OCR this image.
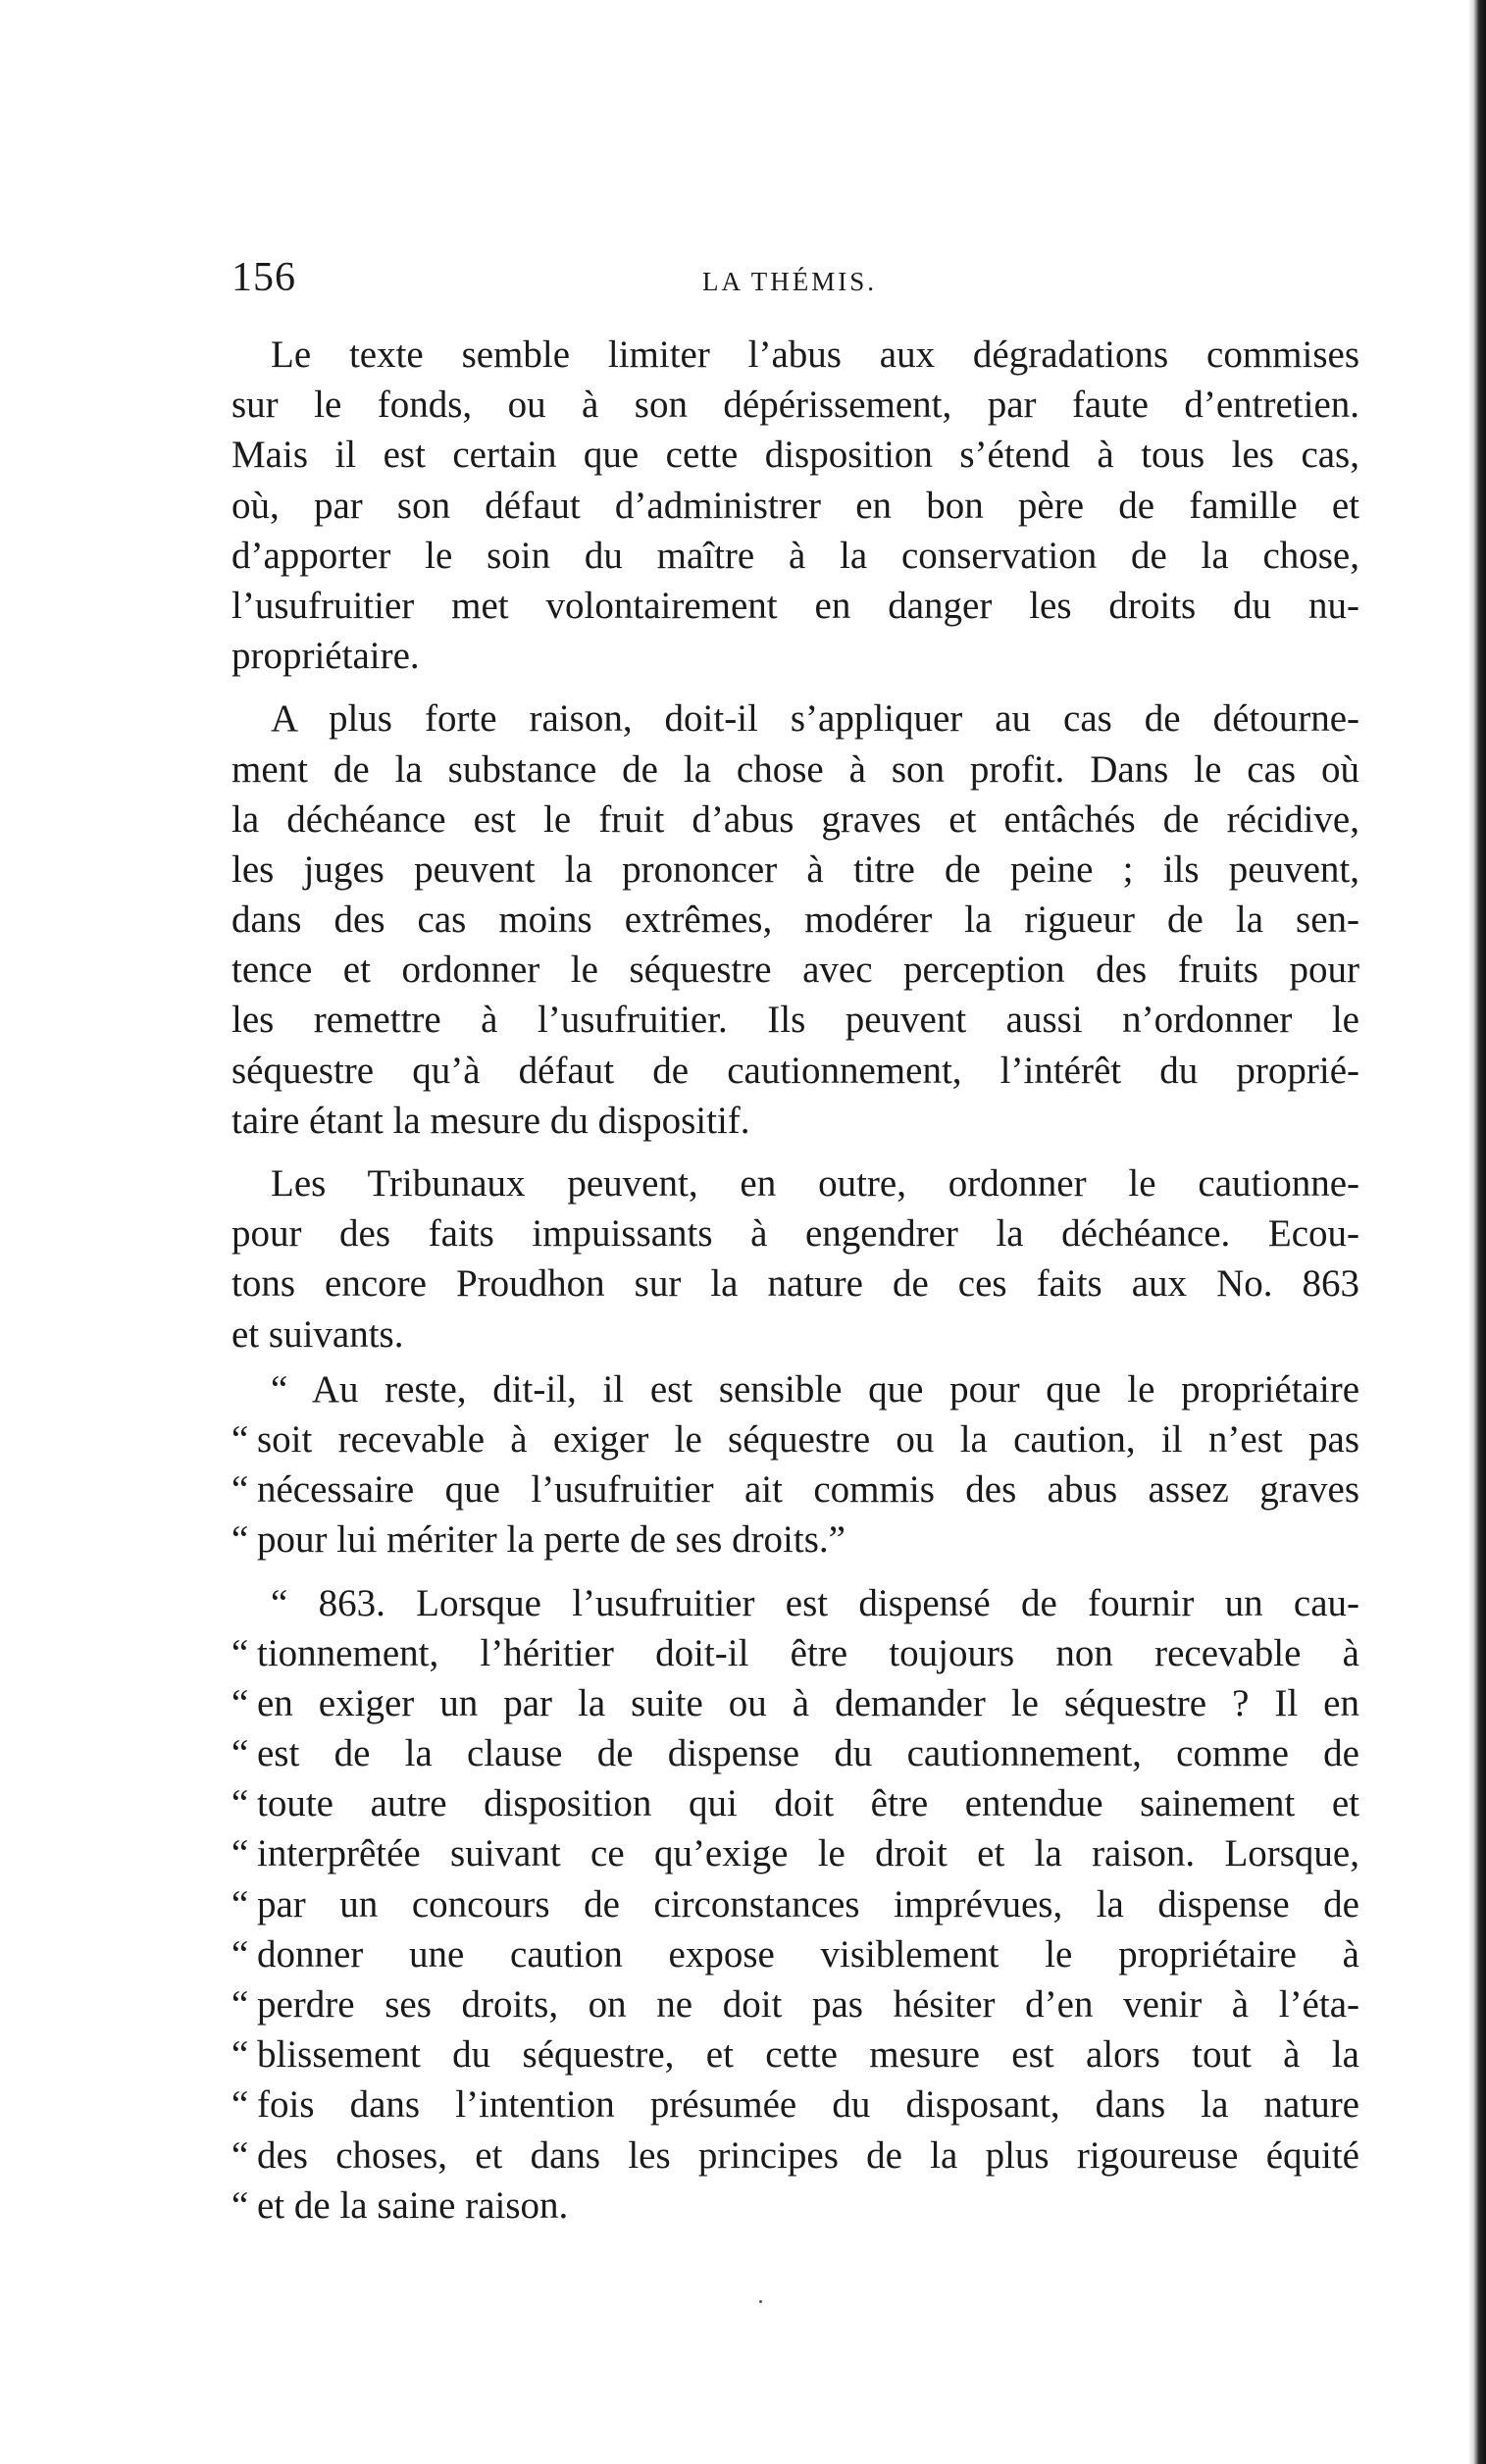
156	LA THÉMIS.
Le texte semble limiter l’abus aux dégradations commises
sur le fonds, ou à son dépérissement, par faute d’entretien.
Mais il est certain que cette disposition s’étend à tous les cas,
où, par son défaut d’administrer en bon père de famille et
d’apporter le soin du maître à la conservation de la chose,
l’usufruitier met volontairement en danger les droits du nu-
propriétaire.
A plus forte raison, doit-il s’appliquer au cas de détourne-
ment de la substance de la chose à son profit. Dans le cas où
la déchéance est le fruit d’abus graves et entâchés de récidive,
les juges peuvent la prononcer à titre de peine ; ils peuvent,
dans des cas moins extrêmes, modérer la rigueur de la sen-
tence et ordonner le séquestre avec perception des fruits pour
les remettre à l’usufruitier. Ils peuvent aussi n’ordonner le
séquestre qu’à défaut de cautionnement, l’intérêt du proprié-
taire étant la mesure du dispositif.
Les Tribunaux peuvent, en outre, ordonner le cautionne-
pour des faits impuissants à engendrer la déchéance. Ecou-
tons encore Proudhon sur la nature de ces faits aux No. 863
et suivants.
“ Au reste, dit-il, il est sensible que pour que le propriétaire
“ soit recevable à exiger le séquestre ou la caution, il n’est pas
“ nécessaire que l’usufruitier ait commis des abus assez graves
“ pour lui mériter la perte de ses droits.”
“ 863. Lorsque l’usufruitier est dispensé de fournir un cau-
“ tionnement, l’héritier doit-il être toujours non recevable à
“ en exiger un par la suite ou à demander le séquestre ? Il en
“ est de la clause de dispense du cautionnement, comme de
“ toute autre disposition qui doit être entendue sainement et
“ interprêtée suivant ce qu’exige le droit et la raison. Lorsque,
“ par un concours de circonstances imprévues, la dispense de
“ donner une caution expose visiblement le propriétaire à
“ perdre ses droits, on ne doit pas hésiter d’en venir à l’éta-
“ blissement du séquestre, et cette mesure est alors tout à la
“ fois dans l’intention présumée du disposant, dans la nature
“ des choses, et dans les principes de la plus rigoureuse équité
“ et de la saine raison.
